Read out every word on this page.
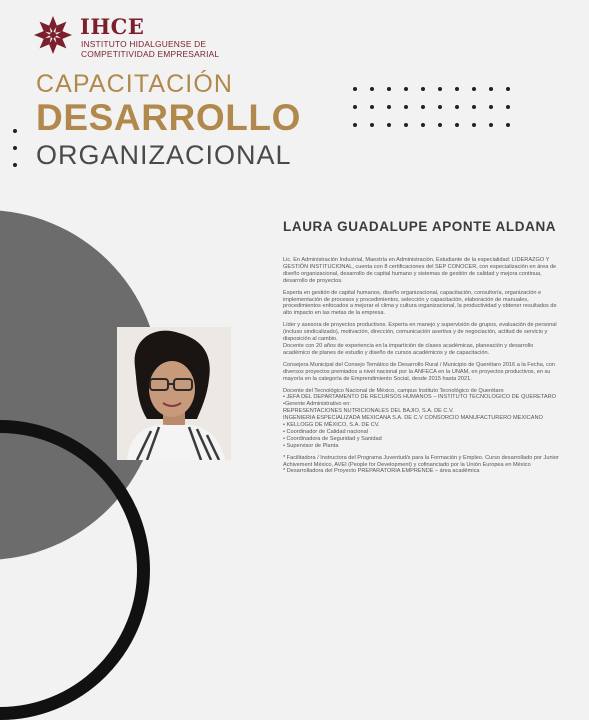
IHCE
INSTITUTO HIDALGUENSE DE
COMPETITIVIDAD EMPRESARIAL
CAPACITACIÓN
DESARROLLO
ORGANIZACIONAL
LAURA GUADALUPE APONTE ALDANA

Lic. En Administración Industrial, Maestría en Administración, Estudiante de la especialidad: LIDERAZGO Y GESTIÓN INSTITUCIONAL, cuenta con 8 certificaciones del SEP CONOCER, con especialización en área de diseño organizacional, desarrollo de capital humano y sistemas de gestión de calidad y mejora continua, desarrollo de proyectos.

Experta en gestión de capital humanos, diseño organizacional, capacitación, consultoría, organización e implementación de procesos y procedimientos, selección y capacitación, elaboración de manuales, procedimientos enfocados a mejorar el clima y cultura organizacional, la productividad y obtener resultados de alto impacto en las metas de la empresa.

Líder y asesora de proyectos productivos. Experta en manejo y supervisión de grupos, evaluación de personal (incluso sindicalizado), motivación, dirección, comunicación asertiva y de negociación, actitud de servicio y disposición al cambio.
Docente con 20 años de experiencia en la impartición de clases académicas, planeación y desarrollo académico de planes de estudio y diseño de cursos académicos y de capacitación.

Consejera Municipal del Consejo Temático de Desarrollo Rural / Municipio de Querétaro 2016 a la Fecha, con diversos proyectos premiados a nivel nacional por la ANFECA en la UNAM, en proyectos productivos, en su mayoría en la categoría de Emprendimiento Social, desde 2015 hasta 2021.

Docente del Tecnológico Nacional de México, campus Instituto Tecnológico de Querétaro
• JEFA DEL DEPARTAMENTO DE RECURSOS HUMANOS – INSTITUTO TECNOLOGICO DE QUERETARO
•Gerente Administrativo en:
REPRESENTACIONES NUTRICIONALES DEL BAJIO, S.A. DE C.V.
INGENIERIA ESPECIALIZADA MEXICANA S.A. DE C.V CONSORCIO MANUFACTURERO MEXICANO
• KELLOGG DE MÉXICO, S.A. DE CV.
• Coordinador de Calidad nacional
• Coordinadora de Seguridad y Sanidad
• Supervisor de Planta

* Facilitadora / Instructora del Programa Juventud/s para la Formación y Empleo. Curso desarrollado por Junior Achivement México, AVEI (People for Development) y cofinanciado por la Unión Europea en México
* Desarrolladora del Proyecto PREPARATORIA EMPRENDE – área académica
